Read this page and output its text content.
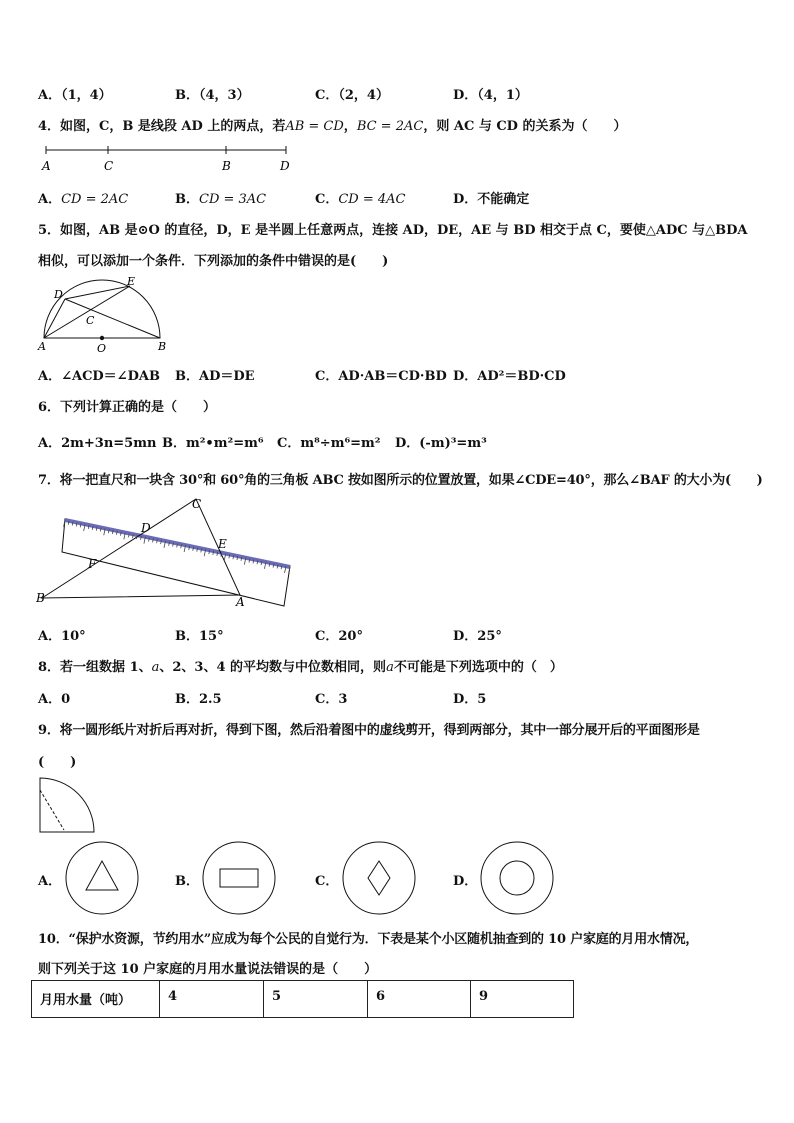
A．（1，4）	B．（4，3）	C．（2，4）	D．（4，1）
4．如图，C，B 是线段 AD 上的两点，若AB = CD，BC = 2AC，则 AC 与 CD 的关系为（　　）
A	C	B	D
A．CD = 2AC	B．CD = 3AC	C．CD = 4AC	D．不能确定
5．如图，AB 是⊙O 的直径，D，E 是半圆上任意两点，连接 AD，DE，AE 与 BD 相交于点 C，要使△ADC 与△BDA
相似，可以添加一个条件．下列添加的条件中错误的是(　　)
D
E
C
A	O	B
A．∠ACD＝∠DAB B．AD＝DE	C．AD·AB＝CD·BD D．AD²＝BD·CD
6．下列计算正确的是（　　）
A．2m+3n=5mn B．m²•m²=m⁶ C．m⁸÷m⁶=m² D．(-m)³=m³
7．将一把直尺和一块含 30°和 60°角的三角板 ABC 按如图所示的位置放置，如果∠CDE=40°，那么∠BAF 的大小为(　　)
C
D
E
F
B	A
A．10°	B．15°	C．20°	D．25°
8．若一组数据 1、a、2、3、4 的平均数与中位数相同，则a不可能是下列选项中的（　）
A．0	B．2.5	C．3	D．5
9．将一圆形纸片对折后再对折，得到下图，然后沿着图中的虚线剪开，得到两部分，其中一部分展开后的平面图形是
(　　)
A．	B．	C．	D．
10．“保护水资源，节约用水”应成为每个公民的自觉行为．下表是某个小区随机抽查到的 10 户家庭的月用水情况，
则下列关于这 10 户家庭的月用水量说法错误的是（　　）
月用水量（吨）	4	5	6	9
